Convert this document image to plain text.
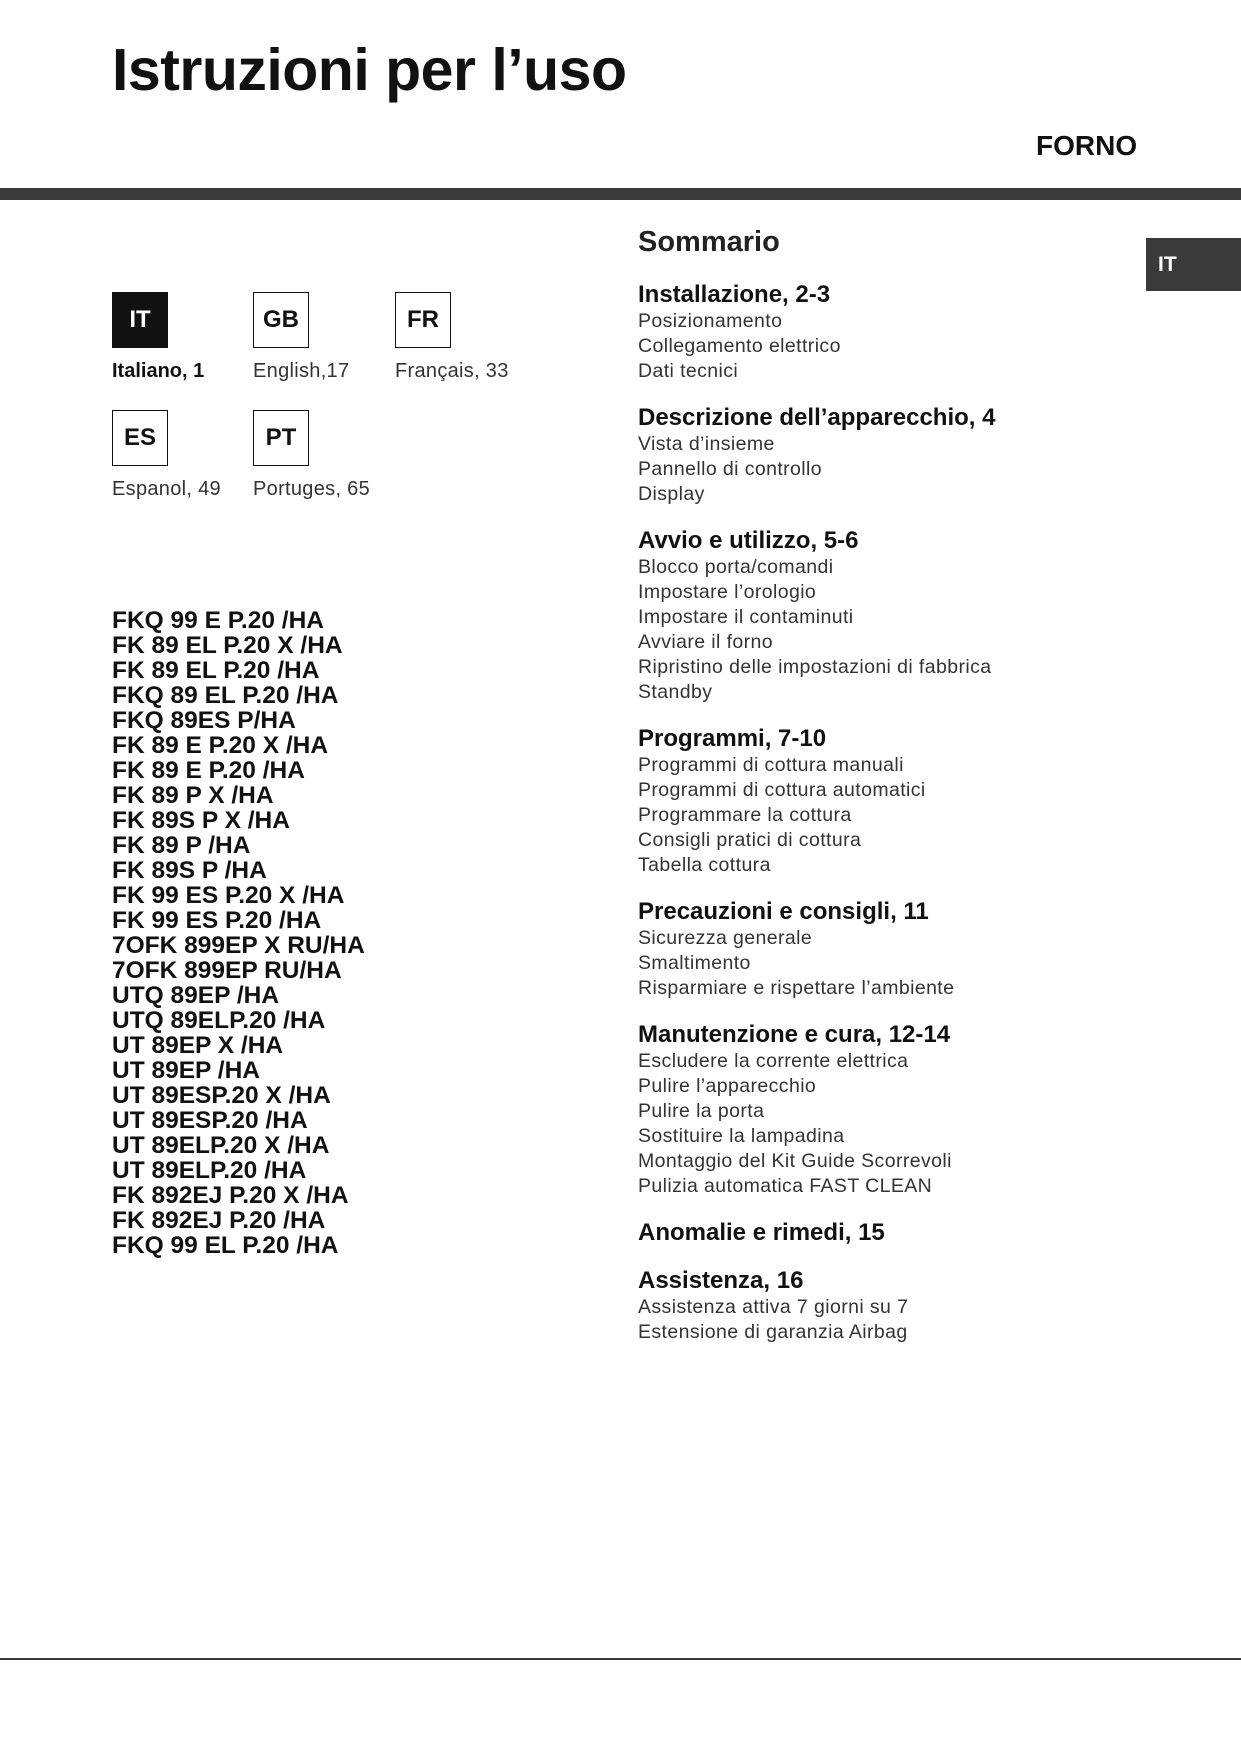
Istruzioni per l’uso
FORNO
IT
IT
Italiano, 1
GB
English,17
FR
Français, 33
ES
Espanol, 49
PT
Portuges, 65
FKQ 99 E P.20 /HA
FK 89 EL P.20 X /HA
FK 89 EL P.20 /HA
FKQ 89 EL P.20 /HA
FKQ 89ES P/HA
FK 89 E P.20 X /HA
FK 89 E P.20 /HA
FK 89 P X /HA
FK 89S P X /HA
FK 89 P /HA
FK 89S P /HA
FK 99 ES P.20 X /HA
FK 99 ES P.20 /HA
7OFK 899EP X RU/HA
7OFK 899EP RU/HA
UTQ 89EP /HA
UTQ 89ELP.20 /HA
UT 89EP X /HA
UT 89EP /HA
UT 89ESP.20 X /HA
UT 89ESP.20 /HA
UT 89ELP.20 X /HA
UT 89ELP.20 /HA
FK 892EJ P.20 X /HA
FK 892EJ P.20 /HA
FKQ 99 EL P.20 /HA
Sommario
Installazione, 2-3
Posizionamento
Collegamento elettrico
Dati tecnici
Descrizione dell’apparecchio, 4
Vista d’insieme
Pannello di controllo
Display
Avvio e utilizzo, 5-6
Blocco porta/comandi
Impostare l’orologio
Impostare il contaminuti
Avviare il forno
Ripristino delle impostazioni di fabbrica
Standby
Programmi, 7-10
Programmi di cottura manuali
Programmi di cottura automatici
Programmare la cottura
Consigli pratici di cottura
Tabella cottura
Precauzioni e consigli, 11
Sicurezza generale
Smaltimento
Risparmiare e rispettare l’ambiente
Manutenzione e cura, 12-14
Escludere la corrente elettrica
Pulire l’apparecchio
Pulire la porta
Sostituire la lampadina
Montaggio del Kit Guide Scorrevoli
Pulizia automatica FAST CLEAN
Anomalie e rimedi, 15
Assistenza, 16
Assistenza attiva 7 giorni su 7
Estensione di garanzia Airbag
